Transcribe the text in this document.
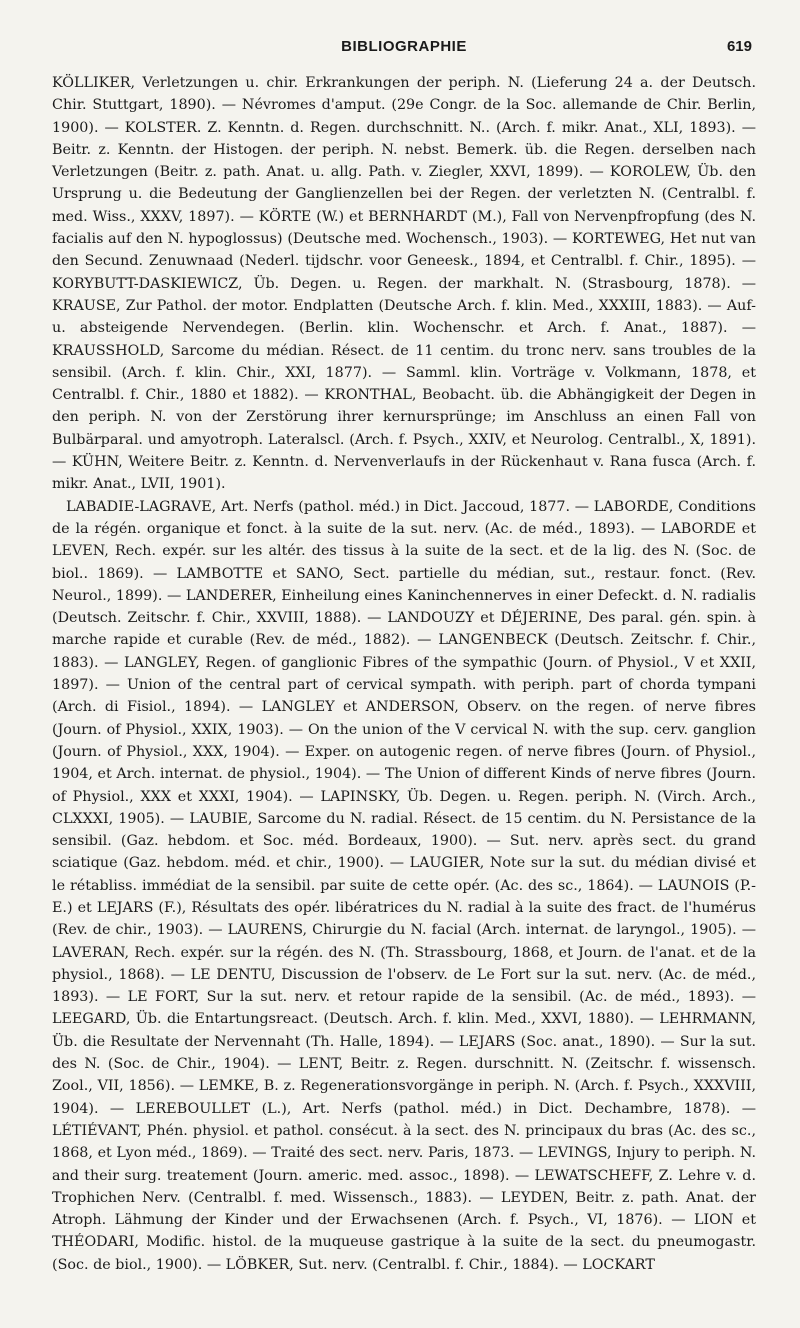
BIBLIOGRAPHIE	619

KÖLLIKER, Verletzungen u. chir. Erkrankungen der periph. N. (Lieferung 24 a. der Deutsch. Chir. Stuttgart, 1890). — Névromes d'amput. (29e Congr. de la Soc. allemande de Chir. Berlin, 1900). — KOLSTER. Z. Kenntn. d. Regen. durchschnitt. N.. (Arch. f. mikr. Anat., XLI, 1893). — Beitr. z. Kenntn. der Histogen. der periph. N. nebst. Bemerk. üb. die Regen. derselben nach Verletzungen (Beitr. z. path. Anat. u. allg. Path. v. Ziegler, XXVI, 1899). — KOROLEW, Üb. den Ursprung u. die Bedeutung der Ganglienzellen bei der Regen. der verletzten N. (Centralbl. f. med. Wiss., XXXV, 1897). — KÖRTE (W.) et BERNHARDT (M.), Fall von Nervenpfropfung (des N. facialis auf den N. hypoglossus) (Deutsche med. Wochensch., 1903). — KORTEWEG, Het nut van den Secund. Zenuwnaad (Nederl. tijdschr. voor Geneesk., 1894, et Centralbl. f. Chir., 1895). — KORYBUTT-DASKIEWICZ, Üb. Degen. u. Regen. der markhalt. N. (Strasbourg, 1878). — KRAUSE, Zur Pathol. der motor. Endplatten (Deutsche Arch. f. klin. Med., XXXIII, 1883). — Auf-u. absteigende Nervendegen. (Berlin. klin. Wochenschr. et Arch. f. Anat., 1887). — KRAUSSHOLD, Sarcome du médian. Résect. de 11 centim. du tronc nerv. sans troubles de la sensibil. (Arch. f. klin. Chir., XXI, 1877). — Samml. klin. Vorträge v. Volkmann, 1878, et Centralbl. f. Chir., 1880 et 1882). — KRONTHAL, Beobacht. üb. die Abhängigkeit der Degen in den periph. N. von der Zerstörung ihrer kernursprünge; im Anschluss an einen Fall von Bulbärparal. und amyotroph. Lateralscl. (Arch. f. Psych., XXIV, et Neurolog. Centralbl., X, 1891). — KÜHN, Weitere Beitr. z. Kenntn. d. Nervenverlaufs in der Rückenhaut v. Rana fusca (Arch. f. mikr. Anat., LVII, 1901).

LABADIE-LAGRAVE, Art. Nerfs (pathol. méd.) in Dict. Jaccoud, 1877. — LABORDE, Conditions de la régén. organique et fonct. à la suite de la sut. nerv. (Ac. de méd., 1893). — LABORDE et LEVEN, Rech. expér. sur les altér. des tissus à la suite de la sect. et de la lig. des N. (Soc. de biol.. 1869). — LAMBOTTE et SANO, Sect. partielle du médian, sut., restaur. fonct. (Rev. Neurol., 1899). — LANDERER, Einheilung eines Kaninchennerves in einer Defeckt. d. N. radialis (Deutsch. Zeitschr. f. Chir., XXVIII, 1888). — LANDOUZY et DÉJERINE, Des paral. gén. spin. à marche rapide et curable (Rev. de méd., 1882). — LANGENBECK (Deutsch. Zeitschr. f. Chir., 1883). — LANGLEY, Regen. of ganglionic Fibres of the sympathic (Journ. of Physiol., V et XXII, 1897). — Union of the central part of cervical sympath. with periph. part of chorda tympani (Arch. di Fisiol., 1894). — LANGLEY et ANDERSON, Observ. on the regen. of nerve fibres (Journ. of Physiol., XXIX, 1903). — On the union of the V cervical N. with the sup. cerv. ganglion (Journ. of Physiol., XXX, 1904). — Exper. on autogenic regen. of nerve fibres (Journ. of Physiol., 1904, et Arch. internat. de physiol., 1904). — The Union of different Kinds of nerve fibres (Journ. of Physiol., XXX et XXXI, 1904). — LAPINSKY, Üb. Degen. u. Regen. periph. N. (Virch. Arch., CLXXXI, 1905). — LAUBIE, Sarcome du N. radial. Résect. de 15 centim. du N. Persistance de la sensibil. (Gaz. hebdom. et Soc. méd. Bordeaux, 1900). — Sut. nerv. après sect. du grand sciatique (Gaz. hebdom. méd. et chir., 1900). — LAUGIER, Note sur la sut. du médian divisé et le rétabliss. immédiat de la sensibil. par suite de cette opér. (Ac. des sc., 1864). — LAUNOIS (P.-E.) et LEJARS (F.), Résultats des opér. libératrices du N. radial à la suite des fract. de l'humérus (Rev. de chir., 1903). — LAURENS, Chirurgie du N. facial (Arch. internat. de laryngol., 1905). — LAVERAN, Rech. expér. sur la régén. des N. (Th. Strassbourg, 1868, et Journ. de l'anat. et de la physiol., 1868). — LE DENTU, Discussion de l'observ. de Le Fort sur la sut. nerv. (Ac. de méd., 1893). — LE FORT, Sur la sut. nerv. et retour rapide de la sensibil. (Ac. de méd., 1893). — LEEGARD, Üb. die Entartungsreact. (Deutsch. Arch. f. klin. Med., XXVI, 1880). — LEHRMANN, Üb. die Resultate der Nervennaht (Th. Halle, 1894). — LEJARS (Soc. anat., 1890). — Sur la sut. des N. (Soc. de Chir., 1904). — LENT, Beitr. z. Regen. durschnitt. N. (Zeitschr. f. wissensch. Zool., VII, 1856). — LEMKE, B. z. Regenerationsvorgänge in periph. N. (Arch. f. Psych., XXXVIII, 1904). — LEREBOULLET (L.), Art. Nerfs (pathol. méd.) in Dict. Dechambre, 1878). — LÉTIÉVANT, Phén. physiol. et pathol. consécut. à la sect. des N. principaux du bras (Ac. des sc., 1868, et Lyon méd., 1869). — Traité des sect. nerv. Paris, 1873. — LEVINGS, Injury to periph. N. and their surg. treatement (Journ. americ. med. assoc., 1898). — LEWATSCHEFF, Z. Lehre v. d. Trophichen Nerv. (Centralbl. f. med. Wissensch., 1883). — LEYDEN, Beitr. z. path. Anat. der Atroph. Lähmung der Kinder und der Erwachsenen (Arch. f. Psych., VI, 1876). — LION et THÉODARI, Modific. histol. de la muqueuse gastrique à la suite de la sect. du pneumogastr. (Soc. de biol., 1900). — LÖBKER, Sut. nerv. (Centralbl. f. Chir., 1884). — LOCKART
